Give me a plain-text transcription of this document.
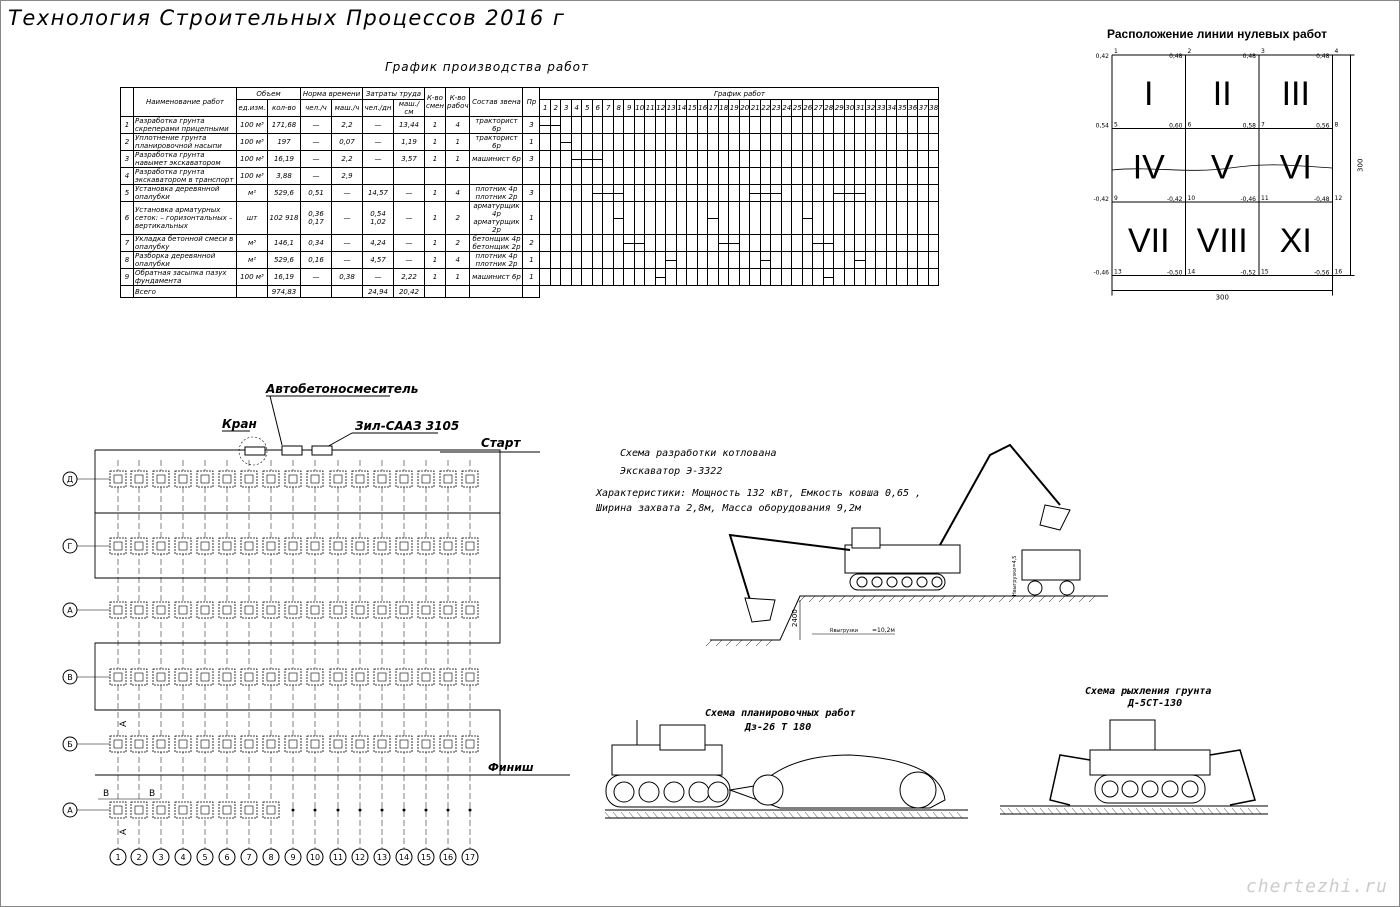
Технология Строительных Процессов 2016 г
График производства работ
	Наименование работ	Объем		Норма времени		Затраты труда		К-во смен	К-во рабоч	Состав звена	Пр	График работ																																					
		ед.изм.	кол-во	чел./ч	маш./ч	чел./дн	маш./см					1	2	3	4	5	6	7	8	9	10	11	12	13	14	15	16	17	18	19	20	21	22	23	24	25	26	27	28	29	30	31	32	33	34	35	36	37	38
1	Разработка грунта скреперами прицепными	100 м³	171,68	—	2,2	—	13,44	1	4	тракторист 6р	3	

2	Уплотнение грунта планировочной насыпи	100 м³	197	—	0,07	—	1,19	1	1	тракторист 6р	1			

3	Разработка грунта навымет экскаватором	100 м³	16,19	—	2,2	—	3,57	1	1	машинист 6р	3				

4	Разработка грунта экскаватором в транспорт	100 м³	3,88	—	2,9																																												
5	Установка деревянной опалубки	м²	529,6	0,51	—	14,57	—	1	4	плотник 4р плотник 2р	3						

6	Установка арматурных сеток: – горизонтальных – вертикальных	шт	102 918	0,36 0,17	—	0,54 1,02	—	1	2	арматурщик 4р арматурщик 2р	1								

7	Укладка бетонной смеси в опалубку	м³	146,1	0,34	—	4,24	—	1	2	бетонщик 4р бетонщик 2р	2									

8	Разборка деревянной опалубки	м²	529,6	0,16	—	4,57	—	1	4	плотник 4р плотник 2р	1													

9	Обратная засыпка пазух фундамента	100 м³	16,19	—	0,38	—	2,22	1	1	машинист 6р	1												

	Всего		974,83			24,94	20,42																																										
Расположение линии нулевых работ
I II III
IV V VI
VII VIII XI
0,42
1
0,48
2
0,48
3
0,48
4
0,54 5	0,60 6	0,58 7	0,56 8
-0,42 9	-0,42 10	-0,46 11	-0,48 12
-0,46 13	-0,50 14	-0,52 15	-0,56 16
300
300
Старт
Финиш
Кран
Автобетоносмеситель
Зил-СААЗ 3105
Д
Г
А
В
Б
А
В	В
А
А
1 2 3 4 5 6 7 8 9 10 11 12 13 14 15 16 17
Схема разработки котлована
Экскаватор Э-3322
Характеристики: Мощность 132 кВт, Емкость ковша 0,65 ,
Ширина захвата 2,8м, Масса оборудования 9,2м
2400
Rвыгрузки =10,2м
Hвыгрузки=4,5
Схема планировочных работ
Дз-26 Т 180
Схема рыхления грунта
Д-5СТ-130
chertezhi.ru
